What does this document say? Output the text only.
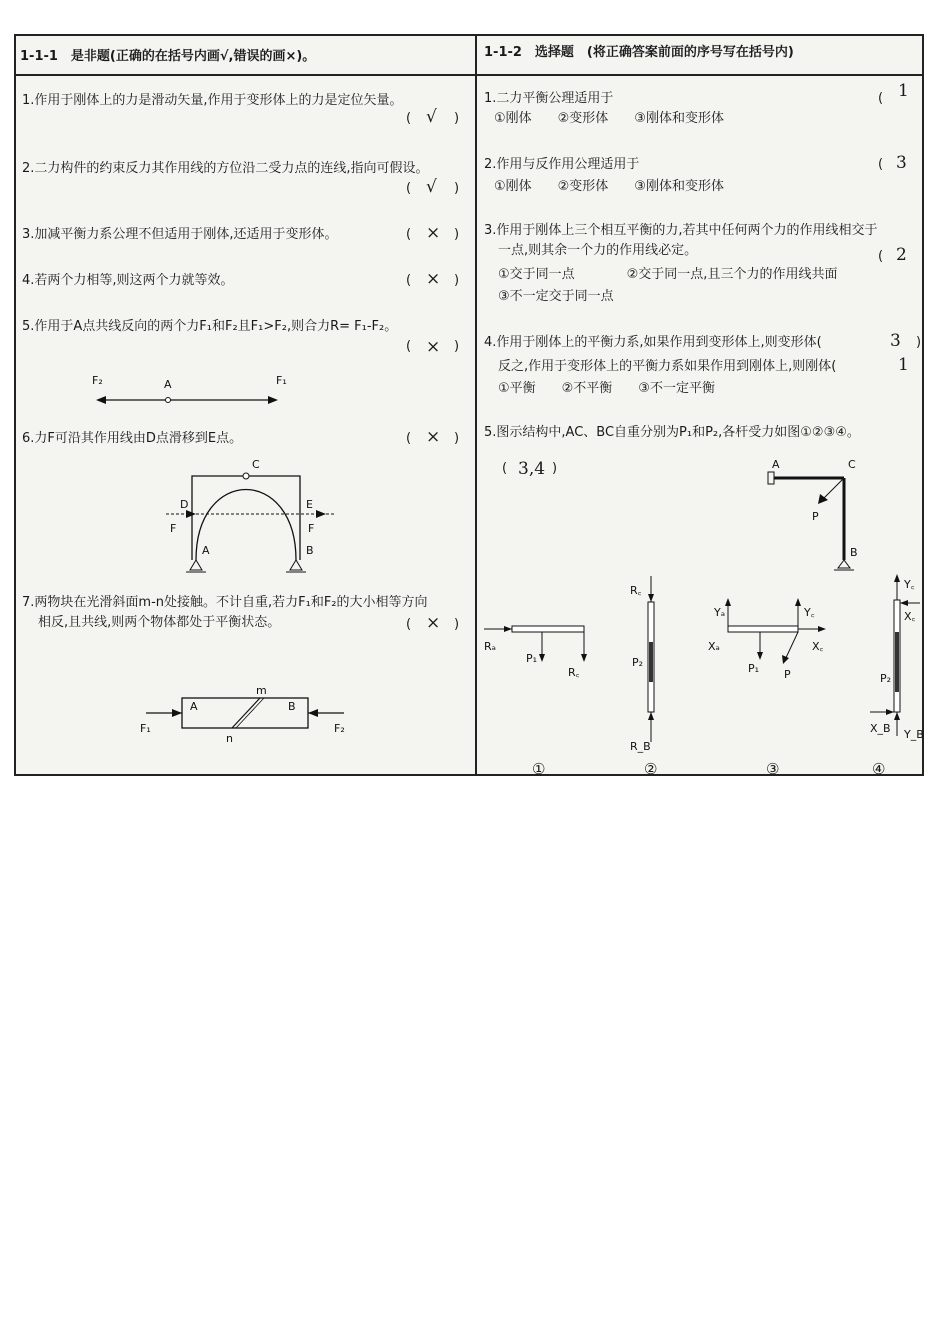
1-1-1　是非题(正确的在括号内画√,错误的画×)。
1.作用于刚体上的力是滑动矢量,作用于变形体上的力是定位矢量。
( √ )
2.二力构件的约束反力其作用线的方位沿二受力点的连线,指向可假设。
( √ )
3.加减平衡力系公理不但适用于刚体,还适用于变形体。	( × )
4.若两个力相等,则这两个力就等效。	( × )
5.作用于A点共线反向的两个力F₁和F₂且F₁>F₂,则合力R= F₁-F₂。
( × )
F₂	A	F₁
6.力F可沿其作用线由D点滑移到E点。	( × )
C
D	E
F	F
A	B
7.两物块在光滑斜面m-n处接触。不计自重,若力F₁和F₂的大小相等方向
相反,且共线,则两个物体都处于平衡状态。	( × )
m
n
A	B
F₁	F₂
1-1-2　选择题　(将正确答案前面的序号写在括号内)
1.二力平衡公理适用于
①刚体　　②变形体　　③刚体和变形体
( 1
2.作用与反作用公理适用于
①刚体　　②变形体　　③刚体和变形体
( 3
3.作用于刚体上三个相互平衡的力,若其中任何两个力的作用线相交于
一点,则其余一个力的作用线必定。	( 2
①交于同一点　　　　②交于同一点,且三个力的作用线共面
③不一定交于同一点
4.作用于刚体上的平衡力系,如果作用到变形体上,则变形体(	3 )
反之,作用于变形体上的平衡力系如果作用到刚体上,则刚体(	1
①平衡　　②不平衡　　③不一定平衡
5.图示结构中,AC、BC自重分别为P₁和P₂,各杆受力如图①②③④。
( 3,4 )	A	C
B
P
Rₐ
P₁
R꜀
R꜀
P₂
R_B
Yₐ
Xₐ
Y꜀
X꜀
P₁ P
Y꜀
X꜀
P₂
X_B Y_B
①	②	③	④
